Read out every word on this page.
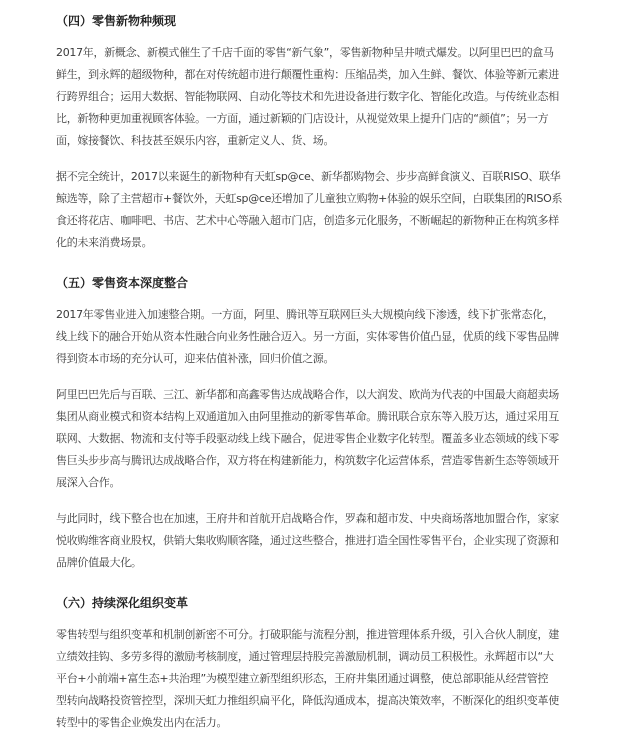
（四）零售新物种频现

2017年，新概念、新模式催生了千店千面的零售“新气象”，零售新物种呈井喷式爆发。以阿里巴巴的盒马
鲜生，到永辉的超级物种，都在对传统超市进行颠覆性重构：压缩品类，加入生鲜、餐饮、体验等新元素进
行跨界组合；运用大数据、智能物联网、自动化等技术和先进设备进行数字化、智能化改造。与传统业态相
比，新物种更加重视顾客体验。一方面，通过新颖的门店设计，从视觉效果上提升门店的“颜值”；另一方
面，嫁接餐饮、科技甚至娱乐内容，重新定义人、货、场。

据不完全统计，2017以来诞生的新物种有天虹sp@ce、新华都购物会、步步高鲜食演义、百联RISO、联华
鲸选等，除了主营超市+餐饮外，天虹sp@ce还增加了儿童独立购物+体验的娱乐空间，白联集团的RISO系
食还将花店、咖啡吧、书店、艺术中心等融入超市门店，创造多元化服务，不断崛起的新物种正在构筑多样
化的未来消费场景。

（五）零售资本深度整合

2017年零售业进入加速整合期。一方面，阿里、腾讯等互联网巨头大规模向线下渗透，线下扩张常态化，
线上线下的融合开始从资本性融合向业务性融合迈入。另一方面，实体零售价值凸显，优质的线下零售品牌
得到资本市场的充分认可，迎来估值补涨，回归价值之源。

阿里巴巴先后与百联、三江、新华都和高鑫零售达成战略合作，以大润发、欧尚为代表的中国最大商超卖场
集团从商业模式和资本结构上双通道加入由阿里推动的新零售革命。腾讯联合京东等入股万达，通过采用互
联网、大数据、物流和支付等手段驱动线上线下融合，促进零售企业数字化转型。覆盖多业态领域的线下零
售巨头步步高与腾讯达成战略合作，双方将在构建新能力，构筑数字化运营体系，营造零售新生态等领域开
展深入合作。

与此同时，线下整合也在加速，王府井和首航开启战略合作，罗森和超市发、中央商场落地加盟合作，家家
悦收购维客商业股权，供销大集收购顺客隆，通过这些整合，推进打造全国性零售平台，企业实现了资源和
品牌价值最大化。

（六）持续深化组织变革

零售转型与组织变革和机制创新密不可分。打破职能与流程分割，推进管理体系升级，引入合伙人制度，建
立绩效挂钩、多劳多得的激励考核制度，通过管理层持股完善激励机制，调动员工积极性。永辉超市以“大
平台+小前端+富生态+共治理”为模型建立新型组织形态，王府井集团通过调整，使总部职能从经营管控
型转向战略投资管控型，深圳天虹力推组织扁平化，降低沟通成本，提高决策效率，不断深化的组织变革使
转型中的零售企业焕发出内在活力。
